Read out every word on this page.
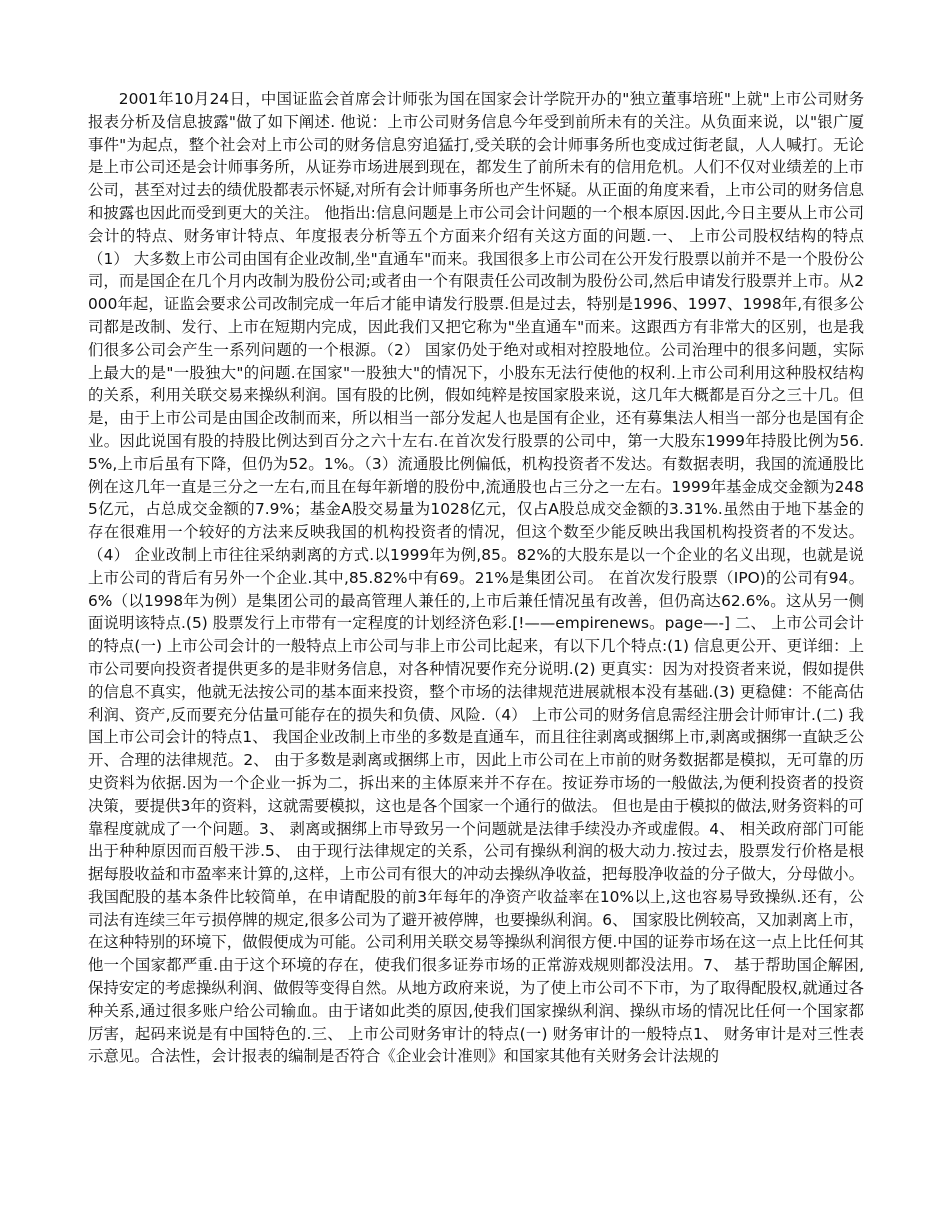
2001年10月24日，中国证监会首席会计师张为国在国家会计学院开办的"独立董事培班"上就"上市公司财务报表分析及信息披露"做了如下阐述. 他说：上市公司财务信息今年受到前所未有的关注。从负面来说，以"银广厦事件"为起点，整个社会对上市公司的财务信息穷追猛打,受关联的会计师事务所也变成过街老鼠，人人喊打。无论是上市公司还是会计师事务所，从证券市场进展到现在，都发生了前所未有的信用危机。人们不仅对业绩差的上市公司，甚至对过去的绩优股都表示怀疑,对所有会计师事务所也产生怀疑。从正面的角度来看，上市公司的财务信息和披露也因此而受到更大的关注。 他指出:信息问题是上市公司会计问题的一个根本原因.因此,今日主要从上市公司会计的特点、财务审计特点、年度报表分析等五个方面来介绍有关这方面的问题.一、 上市公司股权结构的特点（1） 大多数上市公司由国有企业改制,坐"直通车"而来。我国很多上市公司在公开发行股票以前并不是一个股份公司，而是国企在几个月内改制为股份公司;或者由一个有限责任公司改制为股份公司,然后申请发行股票并上市。从2000年起，证监会要求公司改制完成一年后才能申请发行股票.但是过去，特别是1996、1997、1998年,有很多公司都是改制、发行、上市在短期内完成，因此我们又把它称为"坐直通车"而来。这跟西方有非常大的区别，也是我们很多公司会产生一系列问题的一个根源。（2） 国家仍处于绝对或相对控股地位。公司治理中的很多问题，实际上最大的是"一股独大"的问题.在国家"一股独大"的情况下，小股东无法行使他的权利.上市公司利用这种股权结构的关系，利用关联交易来操纵利润。国有股的比例，假如纯粹是按国家股来说，这几年大概都是百分之三十几。但是，由于上市公司是由国企改制而来，所以相当一部分发起人也是国有企业，还有募集法人相当一部分也是国有企业。因此说国有股的持股比例达到百分之六十左右.在首次发行股票的公司中，第一大股东1999年持股比例为56.5%,上市后虽有下降，但仍为52。1%。（3）流通股比例偏低，机构投资者不发达。有数据表明，我国的流通股比例在这几年一直是三分之一左右,而且在每年新增的股份中,流通股也占三分之一左右。1999年基金成交金额为2485亿元，占总成交金额的7.9%；基金A股交易量为1028亿元，仅占A股总成交金额的3.31%.虽然由于地下基金的存在很难用一个较好的方法来反映我国的机构投资者的情况，但这个数至少能反映出我国机构投资者的不发达。（4） 企业改制上市往往采纳剥离的方式.以1999年为例,85。82%的大股东是以一个企业的名义出现，也就是说上市公司的背后有另外一个企业.其中,85.82%中有69。21%是集团公司。 在首次发行股票（IPO)的公司有94。6%（以1998年为例）是集团公司的最高管理人兼任的,上市后兼任情况虽有改善，但仍高达62.6%。这从另一侧面说明该特点.(5) 股票发行上市带有一定程度的计划经济色彩.[!——empirenews。page—-] 二、 上市公司会计的特点(一) 上市公司会计的一般特点上市公司与非上市公司比起来，有以下几个特点:(1) 信息更公开、更详细：上市公司要向投资者提供更多的是非财务信息，对各种情况要作充分说明.(2) 更真实：因为对投资者来说，假如提供的信息不真实，他就无法按公司的基本面来投资，整个市场的法律规范进展就根本没有基础.(3) 更稳健：不能高估利润、资产,反而要充分估量可能存在的损失和负债、风险.（4） 上市公司的财务信息需经注册会计师审计.(二) 我国上市公司会计的特点1、 我国企业改制上市坐的多数是直通车，而且往往剥离或捆绑上市,剥离或捆绑一直缺乏公开、合理的法律规范。2、 由于多数是剥离或捆绑上市，因此上市公司在上市前的财务数据都是模拟，无可靠的历史资料为依据.因为一个企业一拆为二，拆出来的主体原来并不存在。按证券市场的一般做法,为便利投资者的投资决策，要提供3年的资料，这就需要模拟，这也是各个国家一个通行的做法。 但也是由于模拟的做法,财务资料的可靠程度就成了一个问题。3、 剥离或捆绑上市导致另一个问题就是法律手续没办齐或虚假。4、 相关政府部门可能出于种种原因而百般干涉.5、 由于现行法律规定的关系，公司有操纵利润的极大动力.按过去，股票发行价格是根据每股收益和市盈率来计算的,这样，上市公司有很大的冲动去操纵净收益，把每股净收益的分子做大，分母做小。我国配股的基本条件比较简单，在申请配股的前3年每年的净资产收益率在10%以上,这也容易导致操纵.还有，公司法有连续三年亏损停牌的规定,很多公司为了避开被停牌，也要操纵利润。6、 国家股比例较高，又加剥离上市，在这种特别的环境下，做假便成为可能。公司利用关联交易等操纵利润很方便.中国的证券市场在这一点上比任何其他一个国家都严重.由于这个环境的存在，使我们很多证券市场的正常游戏规则都没法用。7、 基于帮助国企解困,保持安定的考虑操纵利润、做假等变得自然。从地方政府来说，为了使上市公司不下市，为了取得配股权,就通过各种关系,通过很多账户给公司输血。由于诸如此类的原因,使我们国家操纵利润、操纵市场的情况比任何一个国家都厉害，起码来说是有中国特色的.三、 上市公司财务审计的特点(一) 财务审计的一般特点1、 财务审计是对三性表示意见。合法性，会计报表的编制是否符合《企业会计准则》和国家其他有关财务会计法规的
